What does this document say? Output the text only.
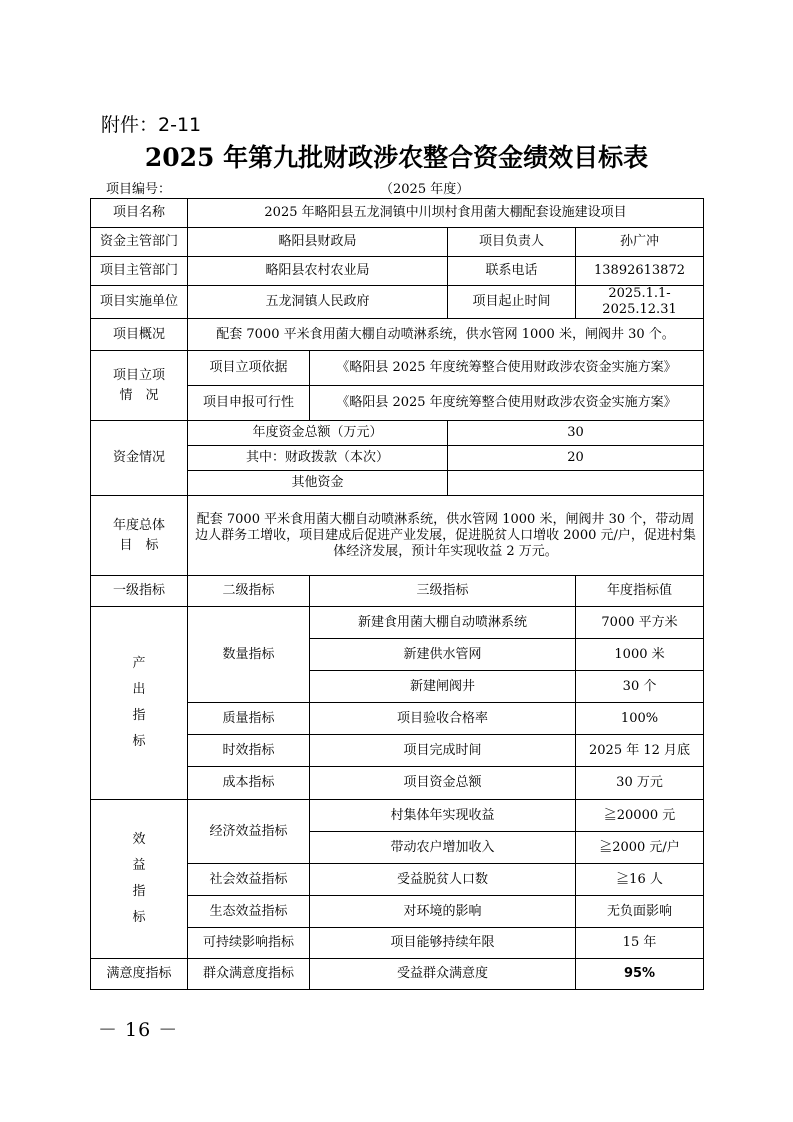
附件：2-11
2025 年第九批财政涉农整合资金绩效目标表
项目编号：	（2025 年度）
项目名称	2025 年略阳县五龙洞镇中川坝村食用菌大棚配套设施建设项目			
资金主管部门	略阳县财政局		项目负责人	孙广冲
项目主管部门	略阳县农村农业局		联系电话	13892613872
项目实施单位	五龙洞镇人民政府		项目起止时间	2025.1.1-2025.12.31
项目概况	配套 7000 平米食用菌大棚自动喷淋系统，供水管网 1000 米，闸阀井 30 个。			

项目立项
情　况	项目立项依据	《略阳县 2025 年度统筹整合使用财政涉农资金实施方案》		
	项目申报可行性	《略阳县 2025 年度统筹整合使用财政涉农资金实施方案》		
资金情况	年度资金总额（万元）		30	
	其中：财政拨款（本次）		20	
	其他资金			

年度总体
目　标	配套 7000 平米食用菌大棚自动喷淋系统，供水管网 1000 米，闸阀井 30 个，带动周边人群务工增收，项目建成后促进产业发展，促进脱贫人口增收 2000 元/户，促进村集体经济发展，预计年实现收益 2 万元。			
一级指标	二级指标	三级指标		年度指标值

产
出
指
标	数量指标	新建食用菌大棚自动喷淋系统		7000 平方米
		新建供水管网		1000 米
		新建闸阀井		30 个
	质量指标	项目验收合格率		100%
	时效指标	项目完成时间		2025 年 12 月底
	成本指标	项目资金总额		30 万元

效
益
指
标	经济效益指标	村集体年实现收益		≧20000 元
		带动农户增加收入		≧2000 元/户
	社会效益指标	受益脱贫人口数		≧16 人
	生态效益指标	对环境的影响		无负面影响
	可持续影响指标	项目能够持续年限		15 年
满意度指标	群众满意度指标	受益群众满意度		95%
－ 16 －
